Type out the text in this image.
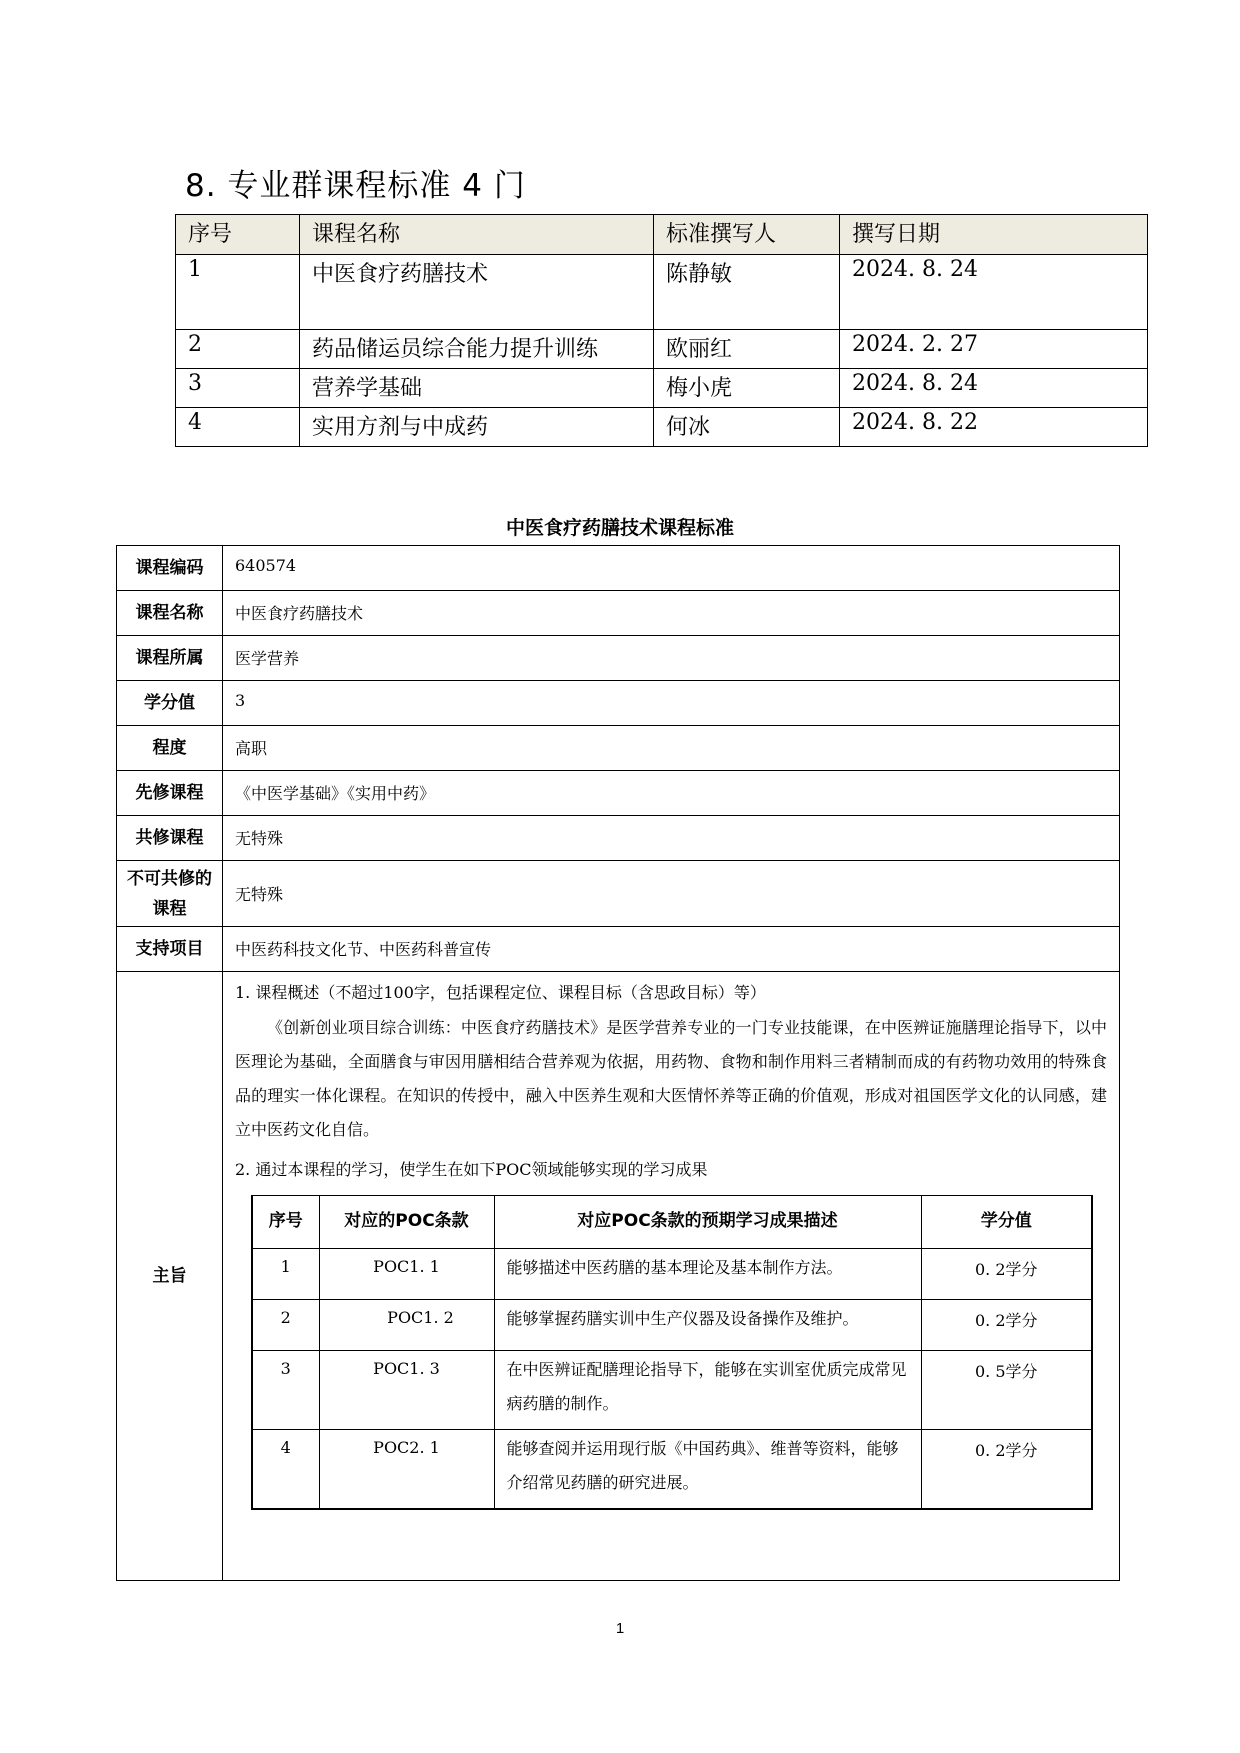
8. 专业群课程标准 4 门
序号	课程名称	标准撰写人	撰写日期
1	中医食疗药膳技术	陈静敏	2024. 8. 24
2	药品储运员综合能力提升训练	欧丽红	2024. 2. 27
3	营养学基础	梅小虎	2024. 8. 24
4	实用方剂与中成药	何冰	2024. 8. 22
中医食疗药膳技术课程标准
课程编码	640574
课程名称	中医食疗药膳技术
课程所属	医学营养
学分值	3
程度	高职
先修课程	《中医学基础》《实用中药》
共修课程	无特殊
不可共修的课程	无特殊
支持项目	中医药科技文化节、中医药科普宣传
主旨	

1. 课程概述（不超过100字，包括课程定位、课程目标（含思政目标）等）

《创新创业项目综合训练：中医食疗药膳技术》是医学营养专业的一门专业技能课，在中医辨证施膳理论指导下，以中医理论为基础，全面膳食与审因用膳相结合营养观为依据，用药物、食物和制作用料三者精制而成的有药物功效用的特殊食品的理实一体化课程。在知识的传授中，融入中医养生观和大医情怀养等正确的价值观，形成对祖国医学文化的认同感，建立中医药文化自信。

2. 通过本课程的学习，使学生在如下POC领域能够实现的学习成果

序号	对应的POC条款	对应POC条款的预期学习成果描述	学分值
1	POC1. 1	能够描述中医药膳的基本理论及基本制作方法。	0. 2学分
2	POC1. 2	能够掌握药膳实训中生产仪器及设备操作及维护。	0. 2学分
3	POC1. 3	在中医辨证配膳理论指导下，能够在实训室优质完成常见病药膳的制作。	0. 5学分
4	POC2. 1	能够查阅并运用现行版《中国药典》、维普等资料，能够介绍常见药膳的研究进展。	0. 2学分
1
